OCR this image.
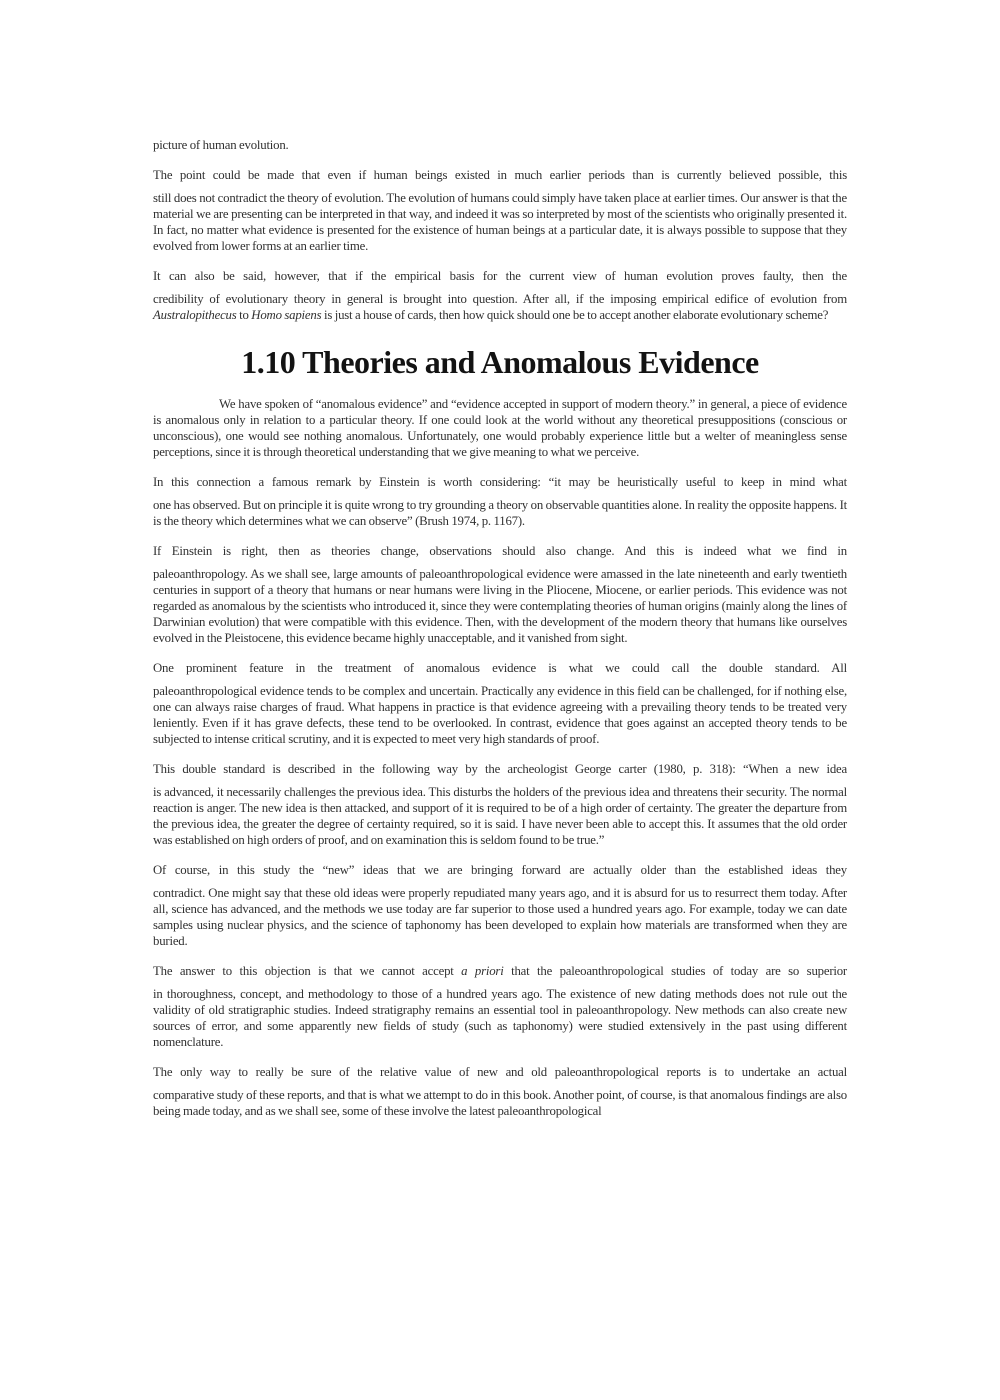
picture of human evolution.

The point could be made that even if human beings existed in much earlier periods than is currently believed possible, this
still does not contradict the theory of evolution. The evolution of humans could simply have taken place at earlier times. Our answer is that the material we are presenting can be interpreted in that way, and indeed it was so interpreted by most of the scientists who originally presented it. In fact, no matter what evidence is presented for the existence of human beings at a particular date, it is always possible to suppose that they evolved from lower forms at an earlier time.

It can also be said, however, that if the empirical basis for the current view of human evolution proves faulty, then the
credibility of evolutionary theory in general is brought into question. After all, if the imposing empirical edifice of evolution from Australopithecus to Homo sapiens is just a house of cards, then how quick should one be to accept another elaborate evolutionary scheme?

1.10 Theories and Anomalous Evidence

We have spoken of “anomalous evidence” and “evidence accepted in support of modern theory.” in general, a piece of evidence is anomalous only in relation to a particular theory. If one could look at the world without any theoretical presuppositions (conscious or unconscious), one would see nothing anomalous. Unfortunately, one would probably experience little but a welter of meaningless sense perceptions, since it is through theoretical understanding that we give meaning to what we perceive.

In this connection a famous remark by Einstein is worth considering: “it may be heuristically useful to keep in mind what
one has observed. But on principle it is quite wrong to try grounding a theory on observable quantities alone. In reality the opposite happens. It is the theory which determines what we can observe” (Brush 1974, p. 1167).

If Einstein is right, then as theories change, observations should also change. And this is indeed what we find in
paleoanthropology. As we shall see, large amounts of paleoanthropological evidence were amassed in the late nineteenth and early twentieth centuries in support of a theory that humans or near humans were living in the Pliocene, Miocene, or earlier periods. This evidence was not regarded as anomalous by the scientists who introduced it, since they were contemplating theories of human origins (mainly along the lines of Darwinian evolution) that were compatible with this evidence. Then, with the development of the modern theory that humans like ourselves evolved in the Pleistocene, this evidence became highly unacceptable, and it vanished from sight.

One prominent feature in the treatment of anomalous evidence is what we could call the double standard. All
paleoanthropological evidence tends to be complex and uncertain. Practically any evidence in this field can be challenged, for if nothing else, one can always raise charges of fraud. What happens in practice is that evidence agreeing with a prevailing theory tends to be treated very leniently. Even if it has grave defects, these tend to be overlooked. In contrast, evidence that goes against an accepted theory tends to be subjected to intense critical scrutiny, and it is expected to meet very high standards of proof.

This double standard is described in the following way by the archeologist George carter (1980, p. 318): “When a new idea
is advanced, it necessarily challenges the previous idea. This disturbs the holders of the previous idea and threatens their security. The normal reaction is anger. The new idea is then attacked, and support of it is required to be of a high order of certainty. The greater the departure from the previous idea, the greater the degree of certainty required, so it is said. I have never been able to accept this. It assumes that the old order was established on high orders of proof, and on examination this is seldom found to be true.”

Of course, in this study the “new” ideas that we are bringing forward are actually older than the established ideas they
contradict. One might say that these old ideas were properly repudiated many years ago, and it is absurd for us to resurrect them today. After all, science has advanced, and the methods we use today are far superior to those used a hundred years ago. For example, today we can date samples using nuclear physics, and the science of taphonomy has been developed to explain how materials are transformed when they are buried.

The answer to this objection is that we cannot accept a priori that the paleoanthropological studies of today are so superior
in thoroughness, concept, and methodology to those of a hundred years ago. The existence of new dating methods does not rule out the validity of old stratigraphic studies. Indeed stratigraphy remains an essential tool in paleoanthropology. New methods can also create new sources of error, and some apparently new fields of study (such as taphonomy) were studied extensively in the past using different nomenclature.

The only way to really be sure of the relative value of new and old paleoanthropological reports is to undertake an actual
comparative study of these reports, and that is what we attempt to do in this book. Another point, of course, is that anomalous findings are also being made today, and as we shall see, some of these involve the latest paleoanthropological
